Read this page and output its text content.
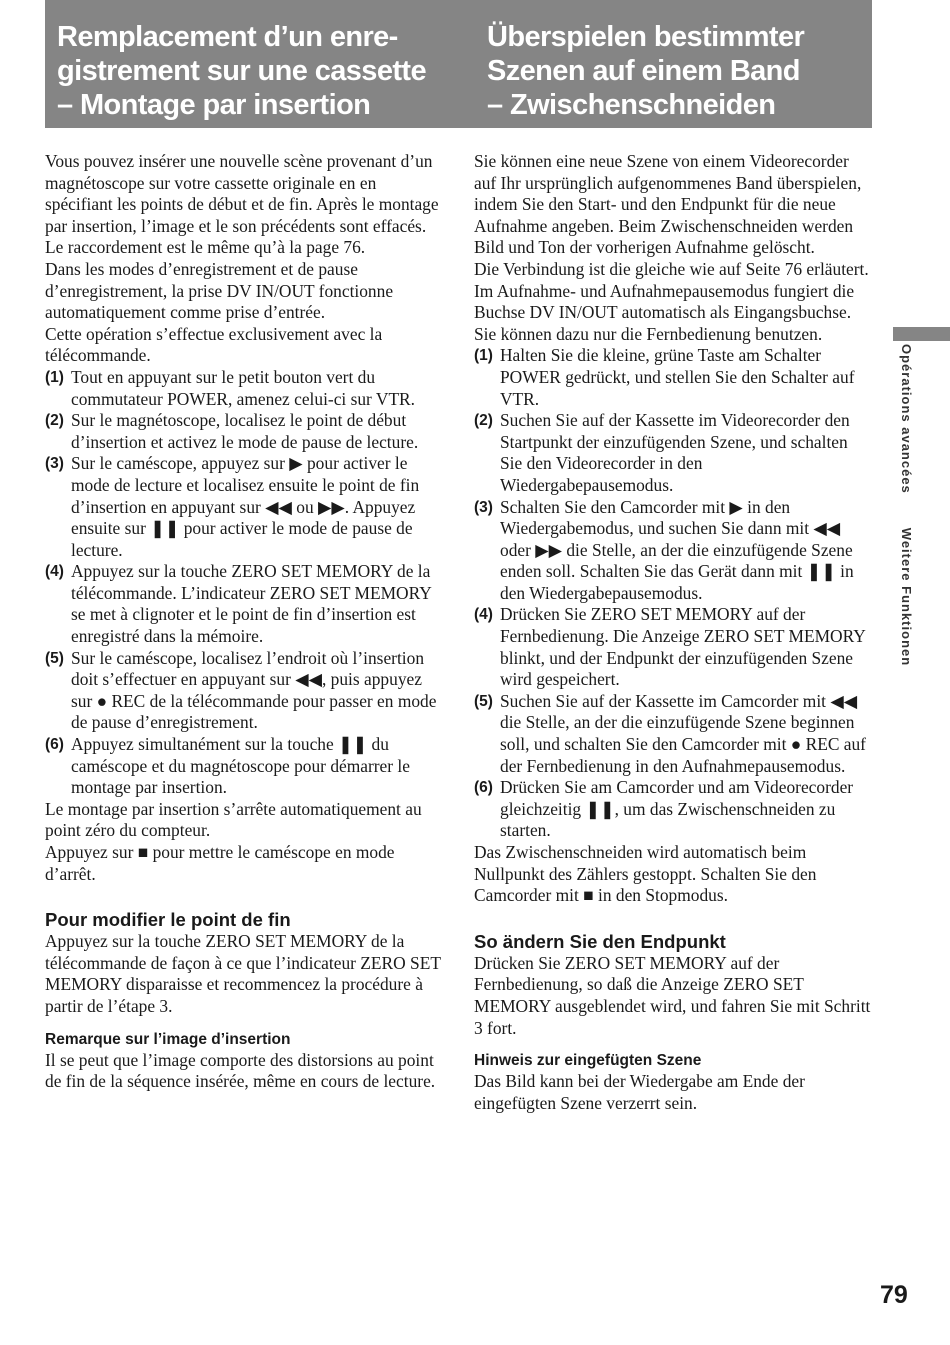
Remplacement d’un enre-
gistrement sur une cassette
– Montage par insertion
Überspielen bestimmter
Szenen auf einem Band
– Zwischenschneiden

Vous pouvez insérer une nouvelle scène provenant d’un magnétoscope sur votre cassette originale en en spécifiant les points de début et de fin. Après le montage par insertion, l’image et le son précédents sont effacés.

Le raccordement est le même qu’à la page 76.

Dans les modes d’enregistrement et de pause d’enregistrement, la prise DV IN/OUT fonctionne automatiquement comme prise d’entrée.

Cette opération s’effectue exclusivement avec la télécommande.

(1) Tout en appuyant sur le petit bouton vert du commutateur POWER, amenez celui-ci sur VTR.
(2) Sur le magnétoscope, localisez le point de début d’insertion et activez le mode de pause de lecture.
(3) Sur le caméscope, appuyez sur ▶ pour activer le mode de lecture et localisez ensuite le point de fin d’insertion en appuyant sur ◀◀ ou ▶▶. Appuyez ensuite sur ❚❚ pour activer le mode de pause de lecture.
(4) Appuyez sur la touche ZERO SET MEMORY de la télécommande. L’indicateur ZERO SET MEMORY se met à clignoter et le point de fin d’insertion est enregistré dans la mémoire.
(5) Sur le caméscope, localisez l’endroit où l’insertion doit s’effectuer en appuyant sur ◀◀, puis appuyez sur ● REC de la télécommande pour passer en mode de pause d’enregistrement.
(6) Appuyez simultanément sur la touche ❚❚ du caméscope et du magnétoscope pour démarrer le montage par insertion.

Le montage par insertion s’arrête automatiquement au point zéro du compteur.

Appuyez sur ■ pour mettre le caméscope en mode d’arrêt.

Pour modifier le point de fin

Appuyez sur la touche ZERO SET MEMORY de la télécommande de façon à ce que l’indicateur ZERO SET MEMORY disparaisse et recommencez la procédure à partir de l’étape 3.

Remarque sur l’image d’insertion

Il se peut que l’image comporte des distorsions au point de fin de la séquence insérée, même en cours de lecture.

Sie können eine neue Szene von einem Videorecorder auf Ihr ursprünglich aufgenommenes Band überspielen, indem Sie den Start- und den Endpunkt für die neue Aufnahme angeben. Beim Zwischenschneiden werden Bild und Ton der vorherigen Aufnahme gelöscht.

Die Verbindung ist die gleiche wie auf Seite 76 erläutert. Im Aufnahme- und Aufnahmepausemodus fungiert die Buchse DV IN/OUT automatisch als Eingangsbuchse.

Sie können dazu nur die Fernbedienung benutzen.

(1) Halten Sie die kleine, grüne Taste am Schalter POWER gedrückt, und stellen Sie den Schalter auf VTR.
(2) Suchen Sie auf der Kassette im Videorecorder den Startpunkt der einzufügenden Szene, und schalten Sie den Videorecorder in den Wiedergabepausemodus.
(3) Schalten Sie den Camcorder mit ▶ in den Wiedergabemodus, und suchen Sie dann mit ◀◀ oder ▶▶ die Stelle, an der die einzufügende Szene enden soll. Schalten Sie das Gerät dann mit ❚❚ in den Wiedergabepausemodus.
(4) Drücken Sie ZERO SET MEMORY auf der Fernbedienung. Die Anzeige ZERO SET MEMORY blinkt, und der Endpunkt der einzufügenden Szene wird gespeichert.
(5) Suchen Sie auf der Kassette im Camcorder mit ◀◀ die Stelle, an der die einzufügende Szene beginnen soll, und schalten Sie den Camcorder mit ● REC auf der Fernbedienung in den Aufnahmepausemodus.
(6) Drücken Sie am Camcorder und am Videorecorder gleichzeitig ❚❚, um das Zwischenschneiden zu starten.

Das Zwischenschneiden wird automatisch beim Nullpunkt des Zählers gestoppt. Schalten Sie den Camcorder mit ■ in den Stopmodus.

So ändern Sie den Endpunkt

Drücken Sie ZERO SET MEMORY auf der Fernbedienung, so daß die Anzeige ZERO SET MEMORY ausgeblendet wird, und fahren Sie mit Schritt 3 fort.

Hinweis zur eingefügten Szene

Das Bild kann bei der Wiedergabe am Ende der eingefügten Szene verzerrt sein.

Opérations avancéesWeitere Funktionen
79
